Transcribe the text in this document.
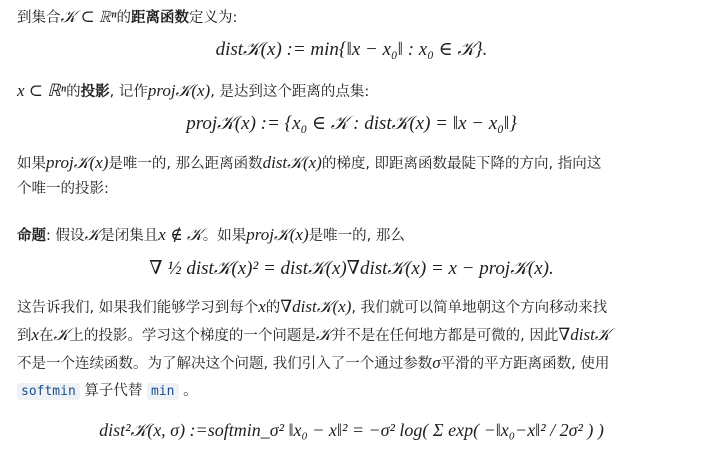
到集合𝒦 ⊂ ℝⁿ的距离函数定义为:
dist𝒦(x) := min{‖x − x₀‖ : x₀ ∈ 𝒦}.
x ⊂ ℝⁿ的投影, 记作proj𝒦(x), 是达到这个距离的点集:
proj𝒦(x) := {x₀ ∈ 𝒦 : dist𝒦(x) = ‖x − x₀‖}
如果proj𝒦(x)是唯一的, 那么距离函数dist𝒦(x)的梯度, 即距离函数最陡下降的方向, 指向这
个唯一的投影:
命题: 假设𝒦是闭集且x ∉ 𝒦。如果proj𝒦(x)是唯一的, 那么
∇ ½ dist𝒦(x)² = dist𝒦(x)∇dist𝒦(x) = x − proj𝒦(x).
这告诉我们, 如果我们能够学习到每个x的∇dist𝒦(x), 我们就可以简单地朝这个方向移动来找
到x在𝒦上的投影。学习这个梯度的一个问题是𝒦并不是在任何地方都是可微的, 因此∇dist𝒦
不是一个连续函数。为了解决这个问题, 我们引入了一个通过参数σ平滑的平方距离函数, 使用
softmin 算子代替 min 。
dist²𝒦(x, σ) :=softmin_σ² ‖x₀ − x‖² = −σ² log( Σ exp( −‖x₀−x‖² / 2σ² ) )
